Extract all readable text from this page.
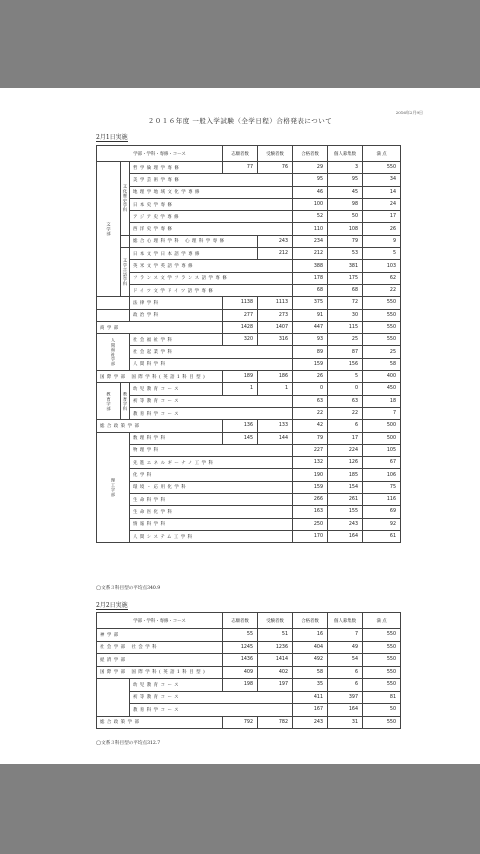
2016年2月9日
２０１６年度 一般入学試験（全学日程）合格発表について
2月1日実施
学部・学科・専修・コース			志願者数	受験者数	合格者数	個人募集数	満 点	
文学部	文化歴史学科	哲学倫理学専修	77	76	29	3	550	
		美学芸術学専修			95	95	34		
		地理学地域文化学専修			46	45	14		
		日本史学専修			100	98	24		
		アジア史学専修			52	50	17		
		西洋史学専修			110	108	26		
		総合心理科学科 心理科学専修		243	234	79	9	
	文学言語学科	日本文学日本語学専修		212	212	53	5	
		英米文学英語学専修			388	381	103		
		フランス文学フランス語学専修			178	175	62		
		ドイツ文学ドイツ語学専修			68	68	22		
		法律学科	1138	1113	375	72	550	
		政治学科	277	273	91	30	550	
商学部			1428	1407	447	115	550	
人間福祉学部		社会福祉学科	320	316	93	25	550	
		社会起業学科			89	87	25		
		人間科学科			159	156	58		
国際学部 国際学科(英語1科目型)			189	186	26	5	400	
教育学部	教育学科	幼児教育コース	1	1	0	0	450	
		初等教育コース			63	63	18		
		教育科学コース			22	22	7		
総合政策学部			136	133	42	6	500	
理工学部		数理科学科	145	144	79	17	500	
		物理学科			227	224	105		
		先進エネルギーナノ工学科			132	126	67		
		化学科			190	185	106		
		環境・応用化学科			159	154	75		
		生命科学科			266	261	116		
		生命医化学科			163	155	69		
		情報科学科			250	243	92		
		人間システム工学科			170	164	61		
◯文系３科目型の平均点340.9
2月2日実施
学部・学科・専修・コース		志願者数	受験者数	合格者数	個人募集数	満 点	
神学部		55	51	16	7	550	
社会学部 社会学科		1245	1236	404	49	550	
経済学部		1436	1414	492	54	550	
国際学部 国際学科(英語1科目型)		409	402	58	6	550	
	幼児教育コース	198	197	35	6	550	
	初等教育コース			411	397	81		
	教育科学コース			167	164	50		
総合政策学部		792	782	243	31	550	
◯文系３科目型の平均点312.7
